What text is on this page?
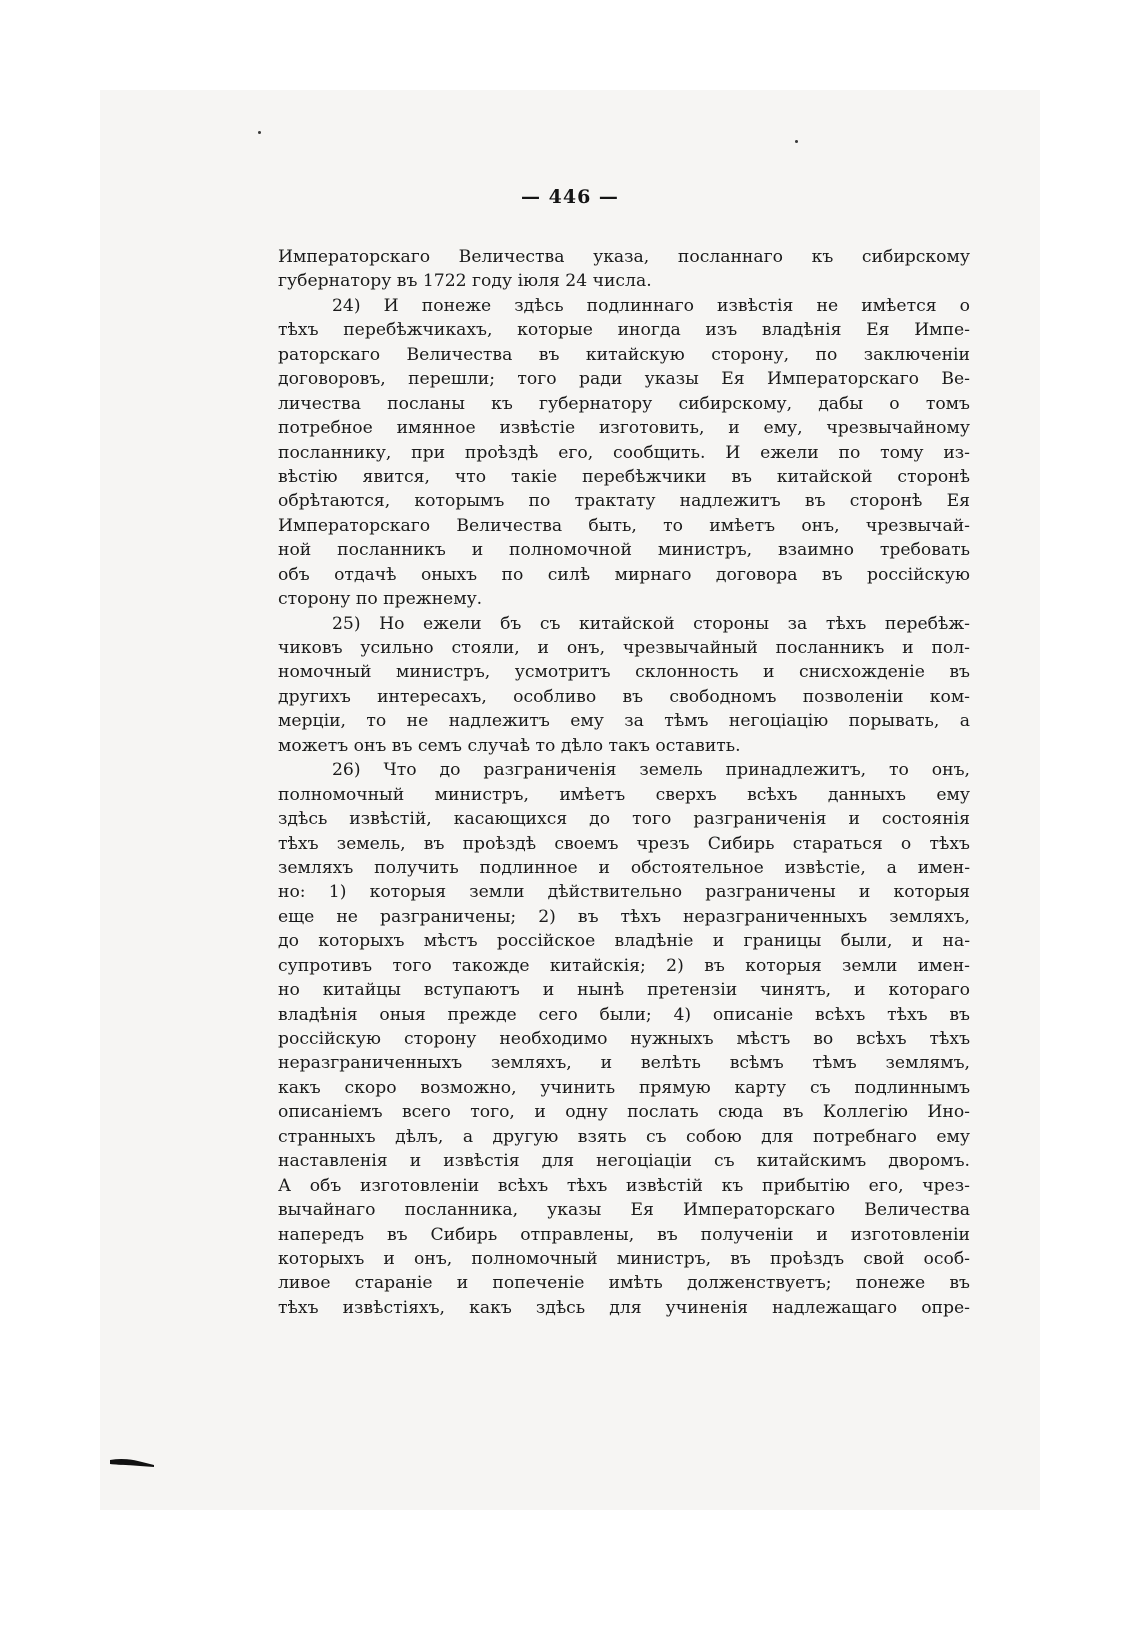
— 446 —
Императорскаго Величества указа, посланнаго къ сибирскому
губернатору въ 1722 году іюля 24 числа.
24) И понеже здѣсь подлиннаго извѣстія не имѣется о
тѣхъ перебѣжчикахъ, которые иногда изъ владѣнія Ея Импе-
раторскаго Величества въ китайскую сторону, по заключеніи
договоровъ, перешли; того ради указы Ея Императорскаго Ве-
личества посланы къ губернатору сибирскому, дабы о томъ
потребное имянное извѣстіе изготовить, и ему, чрезвычайному
посланнику, при проѣздѣ его, сообщить. И ежели по тому из-
вѣстію явится, что такіе перебѣжчики въ китайской сторонѣ
обрѣтаются, которымъ по трактату надлежитъ въ сторонѣ Ея
Императорскаго Величества быть, то имѣетъ онъ, чрезвычай-
ной посланникъ и полномочной министръ, взаимно требовать
объ отдачѣ оныхъ по силѣ мирнаго договора въ россійскую
сторону по прежнему.
25) Но ежели бъ съ китайской стороны за тѣхъ перебѣж-
чиковъ усильно стояли, и онъ, чрезвычайный посланникъ и пол-
номочный министръ, усмотритъ склонность и снисхожденіе въ
другихъ интересахъ, особливо въ свободномъ позволеніи ком-
мерціи, то не надлежитъ ему за тѣмъ негоціацію порывать, а
можетъ онъ въ семъ случаѣ то дѣло такъ оставить.
26) Что до разграниченія земель принадлежитъ, то онъ,
полномочный министръ, имѣетъ сверхъ всѣхъ данныхъ ему
здѣсь извѣстій, касающихся до того разграниченія и состоянія
тѣхъ земель, въ проѣздѣ своемъ чрезъ Сибирь стараться о тѣхъ
земляхъ получить подлинное и обстоятельное извѣстіе, а имен-
но: 1) которыя земли дѣйствительно разграничены и которыя
еще не разграничены; 2) въ тѣхъ неразграниченныхъ земляхъ,
до которыхъ мѣстъ россійское владѣніе и границы были, и на-
супротивъ того такожде китайскія; 2) въ которыя земли имен-
но китайцы вступаютъ и нынѣ претензіи чинятъ, и котораго
владѣнія оныя прежде сего были; 4) описаніе всѣхъ тѣхъ въ
россійскую сторону необходимо нужныхъ мѣстъ во всѣхъ тѣхъ
неразграниченныхъ земляхъ, и велѣть всѣмъ тѣмъ землямъ,
какъ скоро возможно, учинить прямую карту съ подлиннымъ
описаніемъ всего того, и одну послать сюда въ Коллегію Ино-
странныхъ дѣлъ, а другую взять съ собою для потребнаго ему
наставленія и извѣстія для негоціаціи съ китайскимъ дворомъ.
А объ изготовленіи всѣхъ тѣхъ извѣстій къ прибытію его, чрез-
вычайнаго посланника, указы Ея Императорскаго Величества
напередъ въ Сибирь отправлены, въ полученіи и изготовленіи
которыхъ и онъ, полномочный министръ, въ проѣздъ свой особ-
ливое стараніе и попеченіе имѣть долженствуетъ; понеже въ
тѣхъ извѣстіяхъ, какъ здѣсь для учиненія надлежащаго опре-
